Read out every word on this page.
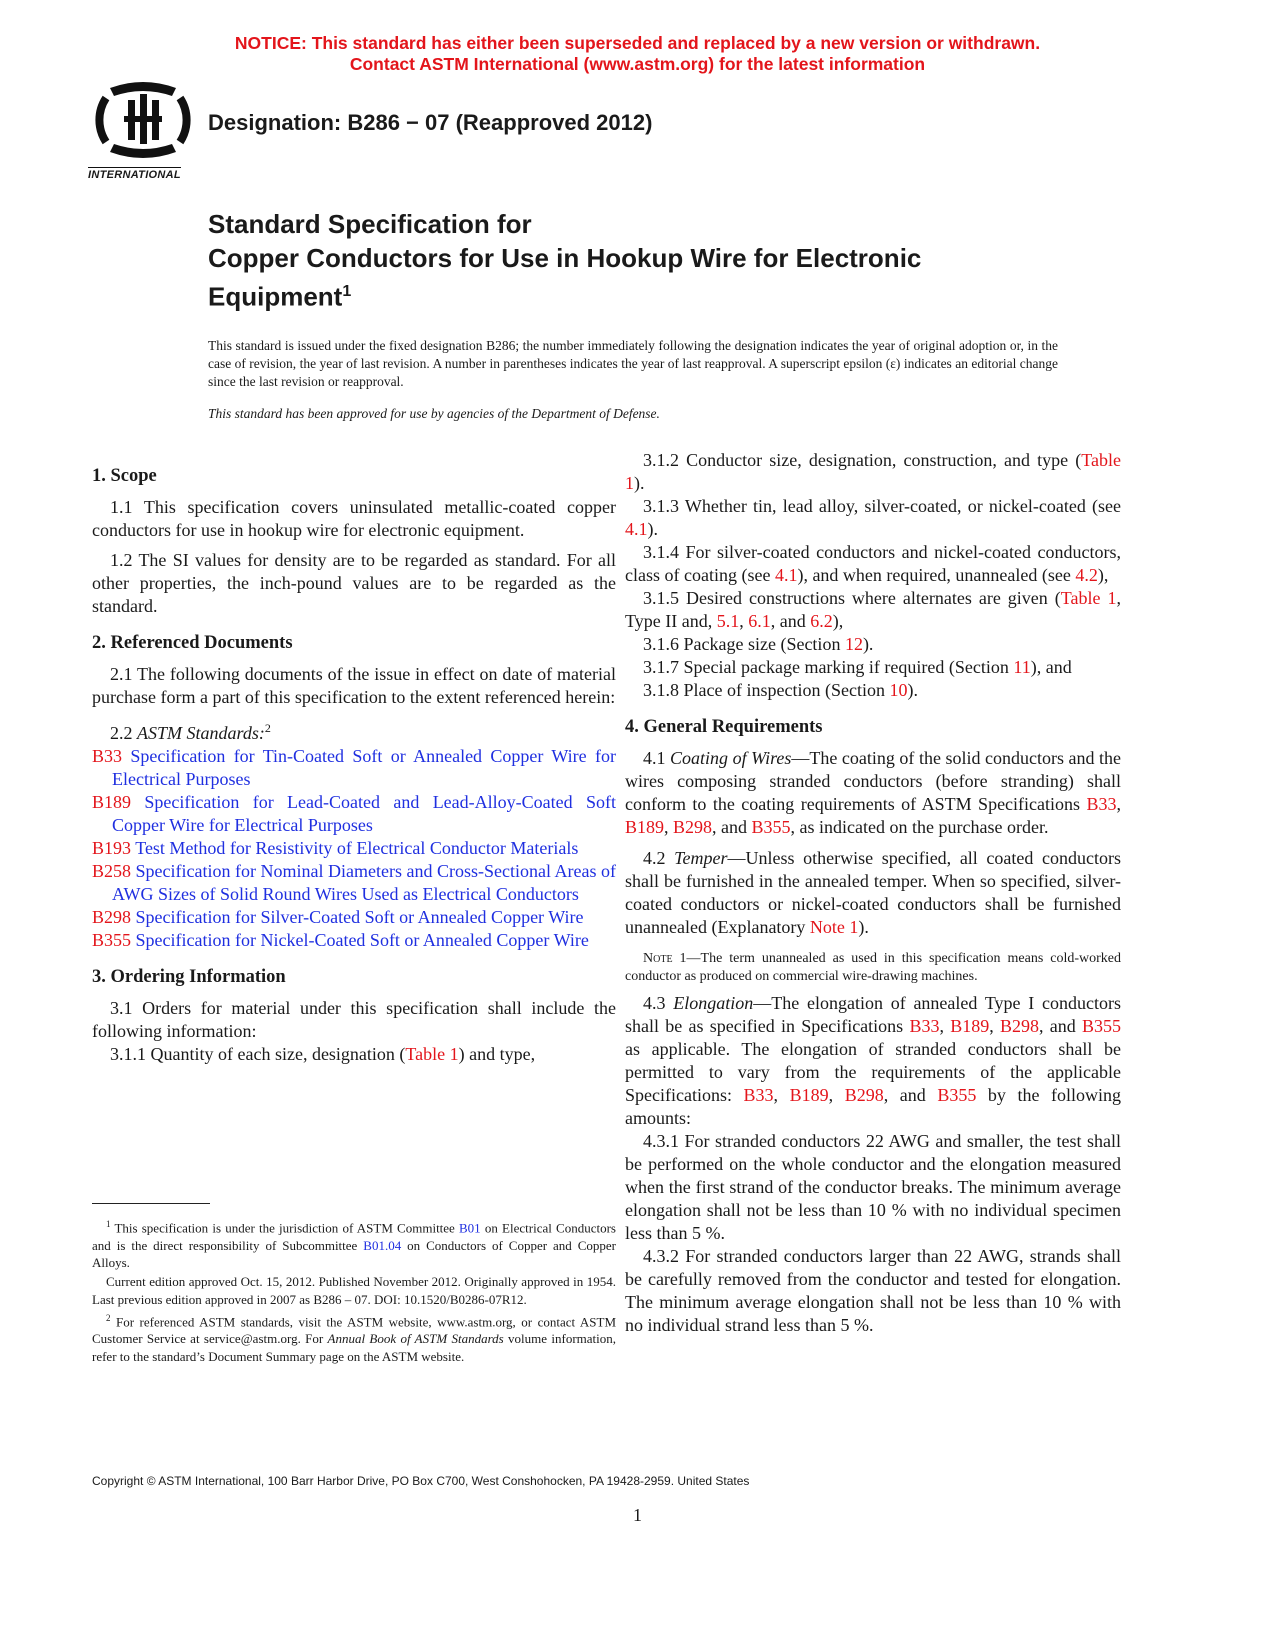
NOTICE: This standard has either been superseded and replaced by a new version or withdrawn.
Contact ASTM International (www.astm.org) for the latest information
INTERNATIONAL
Designation: B286 − 07 (Reapproved 2012)
Standard Specification for
Copper Conductors for Use in Hookup Wire for Electronic
Equipment$^1$
This standard is issued under the fixed designation B286; the number immediately following the designation indicates the year of original adoption or, in the case of revision, the year of last revision. A number in parentheses indicates the year of last reapproval. A superscript epsilon (ε) indicates an editorial change since the last revision or reapproval.
This standard has been approved for use by agencies of the Department of Defense.

1. Scope

1.1 This specification covers uninsulated metallic-coated copper conductors for use in hookup wire for electronic equipment.

1.2 The SI values for density are to be regarded as standard. For all other properties, the inch-pound values are to be regarded as the standard.

2. Referenced Documents

2.1 The following documents of the issue in effect on date of material purchase form a part of this specification to the extent referenced herein:

2.2 ASTM Standards:$^2$

B33 Specification for Tin-Coated Soft or Annealed Copper Wire for Electrical Purposes

B189 Specification for Lead-Coated and Lead-Alloy-Coated Soft Copper Wire for Electrical Purposes

B193 Test Method for Resistivity of Electrical Conductor Materials

B258 Specification for Nominal Diameters and Cross-Sectional Areas of AWG Sizes of Solid Round Wires Used as Electrical Conductors

B298 Specification for Silver-Coated Soft or Annealed Copper Wire

B355 Specification for Nickel-Coated Soft or Annealed Copper Wire

3. Ordering Information

3.1 Orders for material under this specification shall include the following information:

3.1.1 Quantity of each size, designation (Table 1) and type,

$^1$ This specification is under the jurisdiction of ASTM Committee B01 on Electrical Conductors and is the direct responsibility of Subcommittee B01.04 on Conductors of Copper and Copper Alloys.

Current edition approved Oct. 15, 2012. Published November 2012. Originally approved in 1954. Last previous edition approved in 2007 as B286 – 07. DOI: 10.1520/B0286-07R12.

$^2$ For referenced ASTM standards, visit the ASTM website, www.astm.org, or contact ASTM Customer Service at service@astm.org. For Annual Book of ASTM Standards volume information, refer to the standard’s Document Summary page on the ASTM website.

3.1.2 Conductor size, designation, construction, and type (Table 1).

3.1.3 Whether tin, lead alloy, silver-coated, or nickel-coated (see 4.1).

3.1.4 For silver-coated conductors and nickel-coated conductors, class of coating (see 4.1), and when required, unannealed (see 4.2),

3.1.5 Desired constructions where alternates are given (Table 1, Type II and, 5.1, 6.1, and 6.2),

3.1.6 Package size (Section 12).

3.1.7 Special package marking if required (Section 11), and

3.1.8 Place of inspection (Section 10).

4. General Requirements

4.1 Coating of Wires—The coating of the solid conductors and the wires composing stranded conductors (before stranding) shall conform to the coating requirements of ASTM Specifications B33, B189, B298, and B355, as indicated on the purchase order.

4.2 Temper—Unless otherwise specified, all coated conductors shall be furnished in the annealed temper. When so specified, silver-coated conductors or nickel-coated conductors shall be furnished unannealed (Explanatory Note 1).

Note 1—The term unannealed as used in this specification means cold-worked conductor as produced on commercial wire-drawing machines.

4.3 Elongation—The elongation of annealed Type I conductors shall be as specified in Specifications B33, B189, B298, and B355 as applicable. The elongation of stranded conductors shall be permitted to vary from the requirements of the applicable Specifications: B33, B189, B298, and B355 by the following amounts:

4.3.1 For stranded conductors 22 AWG and smaller, the test shall be performed on the whole conductor and the elongation measured when the first strand of the conductor breaks. The minimum average elongation shall not be less than 10 % with no individual specimen less than 5 %.

4.3.2 For stranded conductors larger than 22 AWG, strands shall be carefully removed from the conductor and tested for elongation. The minimum average elongation shall not be less than 10 % with no individual strand less than 5 %.

Copyright © ASTM International, 100 Barr Harbor Drive, PO Box C700, West Conshohocken, PA 19428-2959. United States
1
